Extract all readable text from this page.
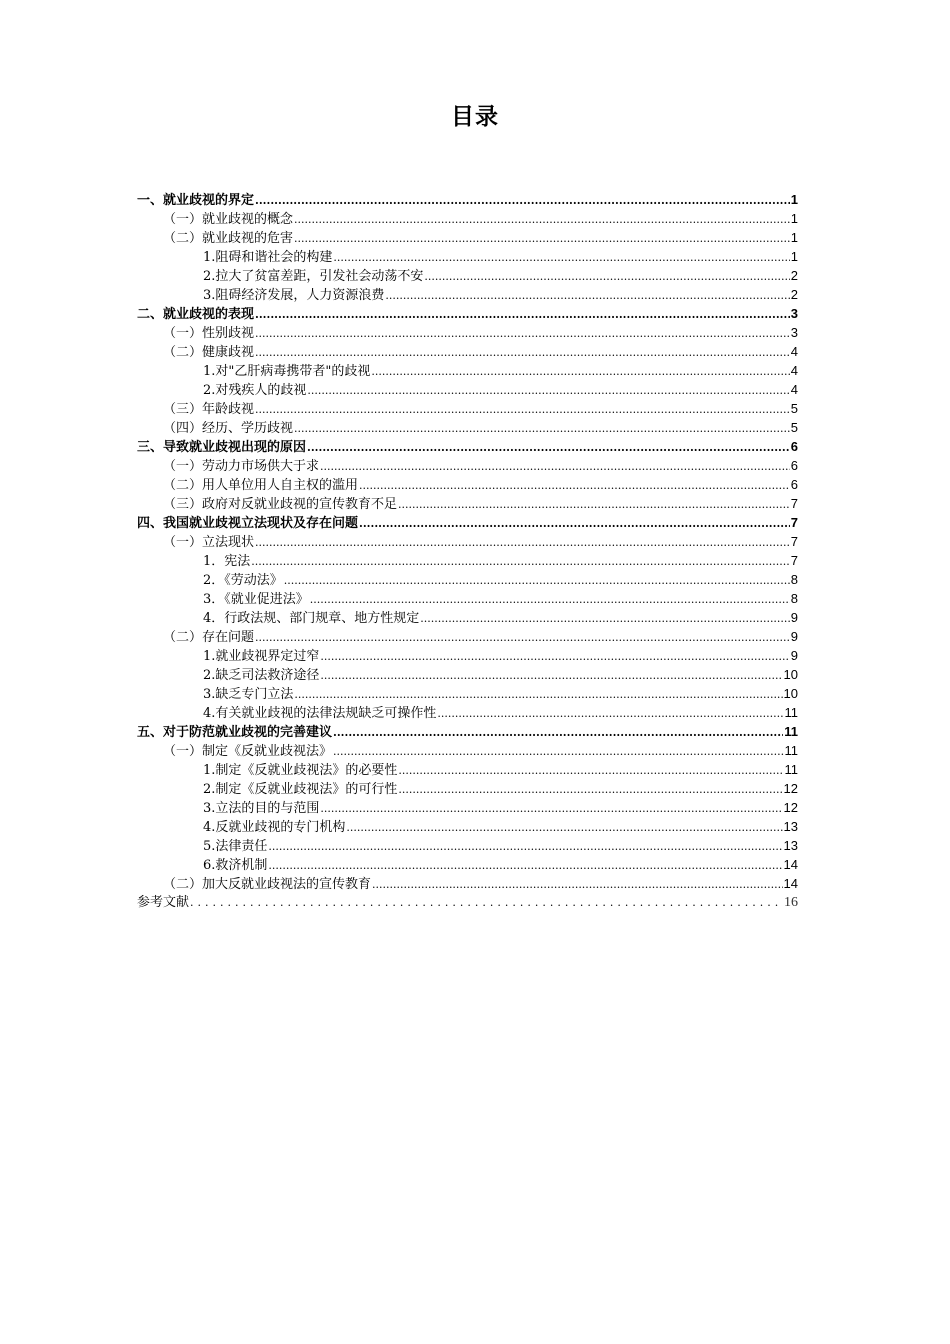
目录
一、就业歧视的界定 .....	1
（一）就业歧视的概念 .....	1
（二）就业歧视的危害 .....	1
1.阻碍和谐社会的构建 .....	1
2.拉大了贫富差距，引发社会动荡不安 .....	2
3.阻碍经济发展，人力资源浪费 .....	2
二、就业歧视的表现 .....	3
（一）性别歧视 .....	3
（二）健康歧视 .....	4
1.对"乙肝病毒携带者"的歧视 .....	4
2.对残疾人的歧视 .....	4
（三）年龄歧视 .....	5
（四）经历、学历歧视 .....	5
三、导致就业歧视出现的原因 .....	6
（一）劳动力市场供大于求 .....	6
（二）用人单位用人自主权的滥用 .....	6
（三）政府对反就业歧视的宣传教育不足 .....	7
四、我国就业歧视立法现状及存在问题 .....	7
（一）立法现状 .....	7
1．宪法 .....	7
2．《劳动法》 .....	8
3．《就业促进法》 .....	8
4．行政法规、部门规章、地方性规定 .....	9
（二）存在问题 .....	9
1.就业歧视界定过窄 .....	9
2.缺乏司法救济途径 .....	10
3.缺乏专门立法 .....	10
4.有关就业歧视的法律法规缺乏可操作性 .....	11
五、对于防范就业歧视的完善建议 .....	11
（一）制定《反就业歧视法》 .....	11
1.制定《反就业歧视法》的必要性 .....	11
2.制定《反就业歧视法》的可行性 .....	12
3.立法的目的与范围 .....	12
4.反就业歧视的专门机构 .....	13
5.法律责任 .....	13
6.救济机制 .....	14
（二）加大反就业歧视法的宣传教育 .....	14
参考文献 .....	16
